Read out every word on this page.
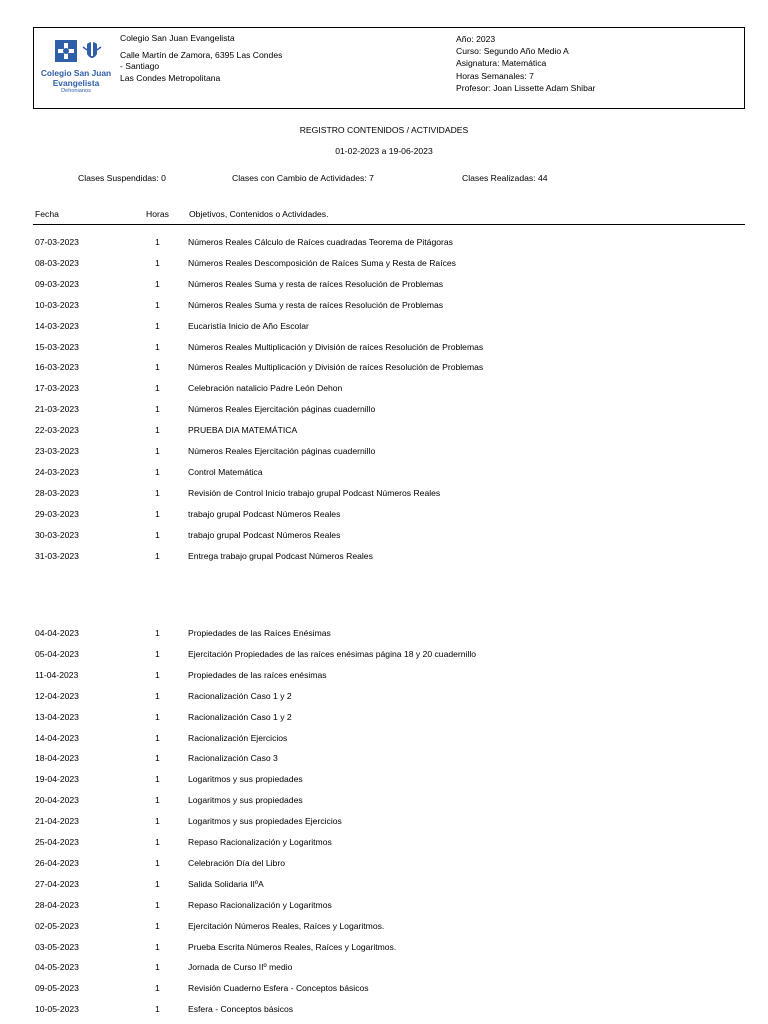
Colegio San Juan
Evangelista
Dehonianos
Colegio San Juan Evangelista
Calle Martín de Zamora, 6395 Las Condes
- Santiago
Las Condes Metropolitana
Año: 2023
Curso: Segundo Año Medio A
Asignatura: Matemática
Horas Semanales: 7
Profesor: Joan Lissette Adam Shibar
REGISTRO CONTENIDOS / ACTIVIDADES
01-02-2023 a 19-06-2023
Clases Suspendidas: 0	Clases con Cambio de Actividades: 7	Clases Realizadas: 44
Fecha	Horas Objetivos, Contenidos o Actividades.
07-03-2023	1	Números Reales Cálculo de Raíces cuadradas Teorema de Pitágoras
08-03-2023	1	Números Reales Descomposición de Raíces Suma y Resta de Raíces
09-03-2023	1	Números Reales Suma y resta de raíces Resolución de Problemas
10-03-2023	1	Números Reales Suma y resta de raíces Resolución de Problemas
14-03-2023	1	Eucaristía Inicio de Año Escolar
15-03-2023	1	Números Reales Multiplicación y División de raíces Resolución de Problemas
16-03-2023	1	Números Reales Multiplicación y División de raíces Resolución de Problemas
17-03-2023	1	Celebración natalicio Padre León Dehon
21-03-2023	1	Números Reales Ejercitación páginas cuadernillo
22-03-2023	1	PRUEBA DIA MATEMÁTICA
23-03-2023	1	Números Reales Ejercitación páginas cuadernillo
24-03-2023	1	Control Matemática
28-03-2023	1	Revisión de Control Inicio trabajo grupal Podcast Números Reales
29-03-2023	1	trabajo grupal Podcast Números Reales
30-03-2023	1	trabajo grupal Podcast Números Reales
31-03-2023	1	Entrega trabajo grupal Podcast Números Reales
04-04-2023	1	Propiedades de las Raíces Enésimas
05-04-2023	1	Ejercitación Propiedades de las raíces enésimas página 18 y 20 cuadernillo
11-04-2023	1	Propiedades de las raíces enésimas
12-04-2023	1	Racionalización Caso 1 y 2
13-04-2023	1	Racionalización Caso 1 y 2
14-04-2023	1	Racionalización Ejercicios
18-04-2023	1	Racionalización Caso 3
19-04-2023	1	Logaritmos y sus propiedades
20-04-2023	1	Logaritmos y sus propiedades
21-04-2023	1	Logaritmos y sus propiedades Ejercicios
25-04-2023	1	Repaso Racionalización y Logaritmos
26-04-2023	1	Celebración Día del Libro
27-04-2023	1	Salida Solidaria IIºA
28-04-2023	1	Repaso Racionalización y Logaritmos
02-05-2023	1	Ejercitación Números Reales, Raíces y Logaritmos.
03-05-2023	1	Prueba Escrita Números Reales, Raíces y Logaritmos.
04-05-2023	1	Jornada de Curso IIº medio
09-05-2023	1	Revisión Cuaderno Esfera - Conceptos básicos
10-05-2023	1	Esfera - Conceptos básicos
